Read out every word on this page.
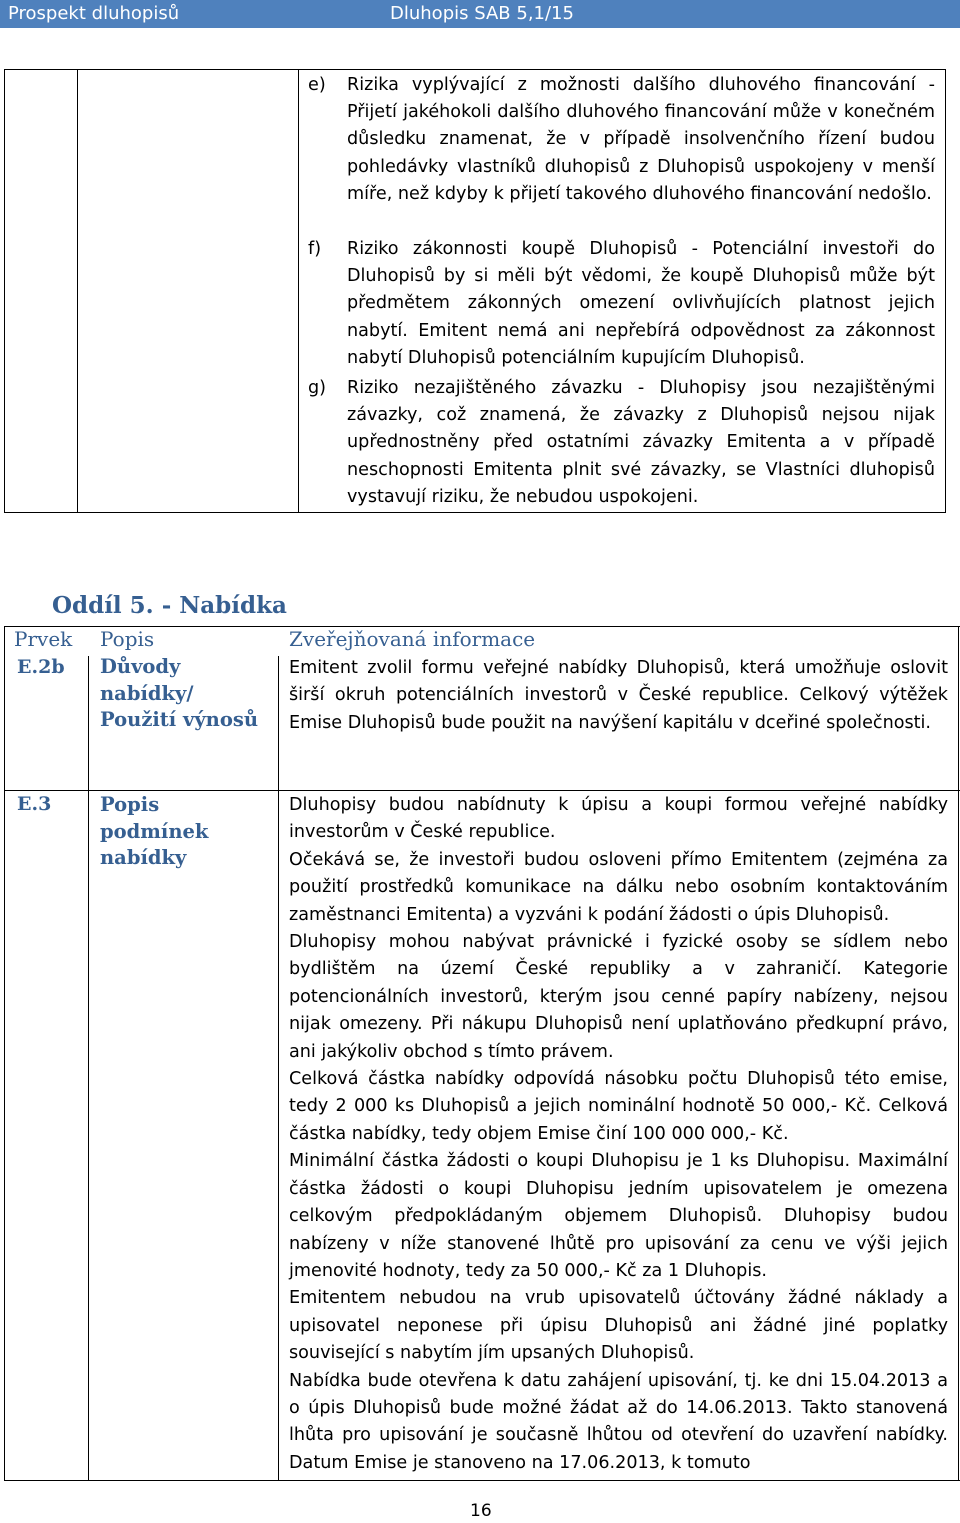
Prospekt dluhopisů	Dluhopis SAB 5,1/15
e) Rizika vyplývající z možnosti dalšího dluhového financování - Přijetí jakéhokoli dalšího dluhového financování může v konečném důsledku znamenat, že v případě insolvenčního řízení budou pohledávky vlastníků dluhopisů z Dluhopisů uspokojeny v menší míře, než kdyby k přijetí takového dluhového financování nedošlo.
f) Riziko zákonnosti koupě Dluhopisů - Potenciální investoři do Dluhopisů by si měli být vědomi, že koupě Dluhopisů může být předmětem zákonných omezení ovlivňujících platnost jejich nabytí. Emitent nemá ani nepřebírá odpovědnost za zákonnost nabytí Dluhopisů potenciálním kupujícím Dluhopisů.
g) Riziko nezajištěného závazku - Dluhopisy jsou nezajištěnými závazky, což znamená, že závazky z Dluhopisů nejsou nijak upřednostněny před ostatními závazky Emitenta a v případě neschopnosti Emitenta plnit své závazky, se Vlastníci dluhopisů vystavují riziku, že nebudou uspokojeni.
Oddíl 5. - Nabídka
Prvek Popis	Zveřejňovaná informace
E.2b Důvody
nabídky/
Použití výnosů

Emitent zvolil formu veřejné nabídky Dluhopisů, která umožňuje oslovit širší okruh potenciálních investorů v České republice. Celkový výtěžek Emise Dluhopisů bude použit na navýšení kapitálu v dceřiné společnosti.

E.3 Popis
podmínek
nabídky

Dluhopisy budou nabídnuty k úpisu a koupi formou veřejné nabídky investorům v České republice.

Očekává se, že investoři budou osloveni přímo Emitentem (zejména za použití prostředků komunikace na dálku nebo osobním kontaktováním zaměstnanci Emitenta) a vyzváni k podání žádosti o úpis Dluhopisů.

Dluhopisy mohou nabývat právnické i fyzické osoby se sídlem nebo bydlištěm na území České republiky a v zahraničí. Kategorie potencionálních investorů, kterým jsou cenné papíry nabízeny, nejsou nijak omezeny. Při nákupu Dluhopisů není uplatňováno předkupní právo, ani jakýkoliv obchod s tímto právem.

Celková částka nabídky odpovídá násobku počtu Dluhopisů této emise, tedy 2 000 ks Dluhopisů a jejich nominální hodnotě 50 000,- Kč. Celková částka nabídky, tedy objem Emise činí 100 000 000,- Kč.

Minimální částka žádosti o koupi Dluhopisu je 1 ks Dluhopisu. Maximální částka žádosti o koupi Dluhopisu jedním upisovatelem je omezena celkovým předpokládaným objemem Dluhopisů. Dluhopisy budou nabízeny v níže stanovené lhůtě pro upisování za cenu ve výši jejich jmenovité hodnoty, tedy za 50 000,- Kč za 1 Dluhopis.

Emitentem nebudou na vrub upisovatelů účtovány žádné náklady a upisovatel neponese při úpisu Dluhopisů ani žádné jiné poplatky související s nabytím jím upsaných Dluhopisů.

Nabídka bude otevřena k datu zahájení upisování, tj. ke dni 15.04.2013 a o úpis Dluhopisů bude možné žádat až do 14.06.2013. Takto stanovená lhůta pro upisování je současně lhůtou od otevření do uzavření nabídky. Datum Emise je stanoveno na 17.06.2013, k tomuto

16
